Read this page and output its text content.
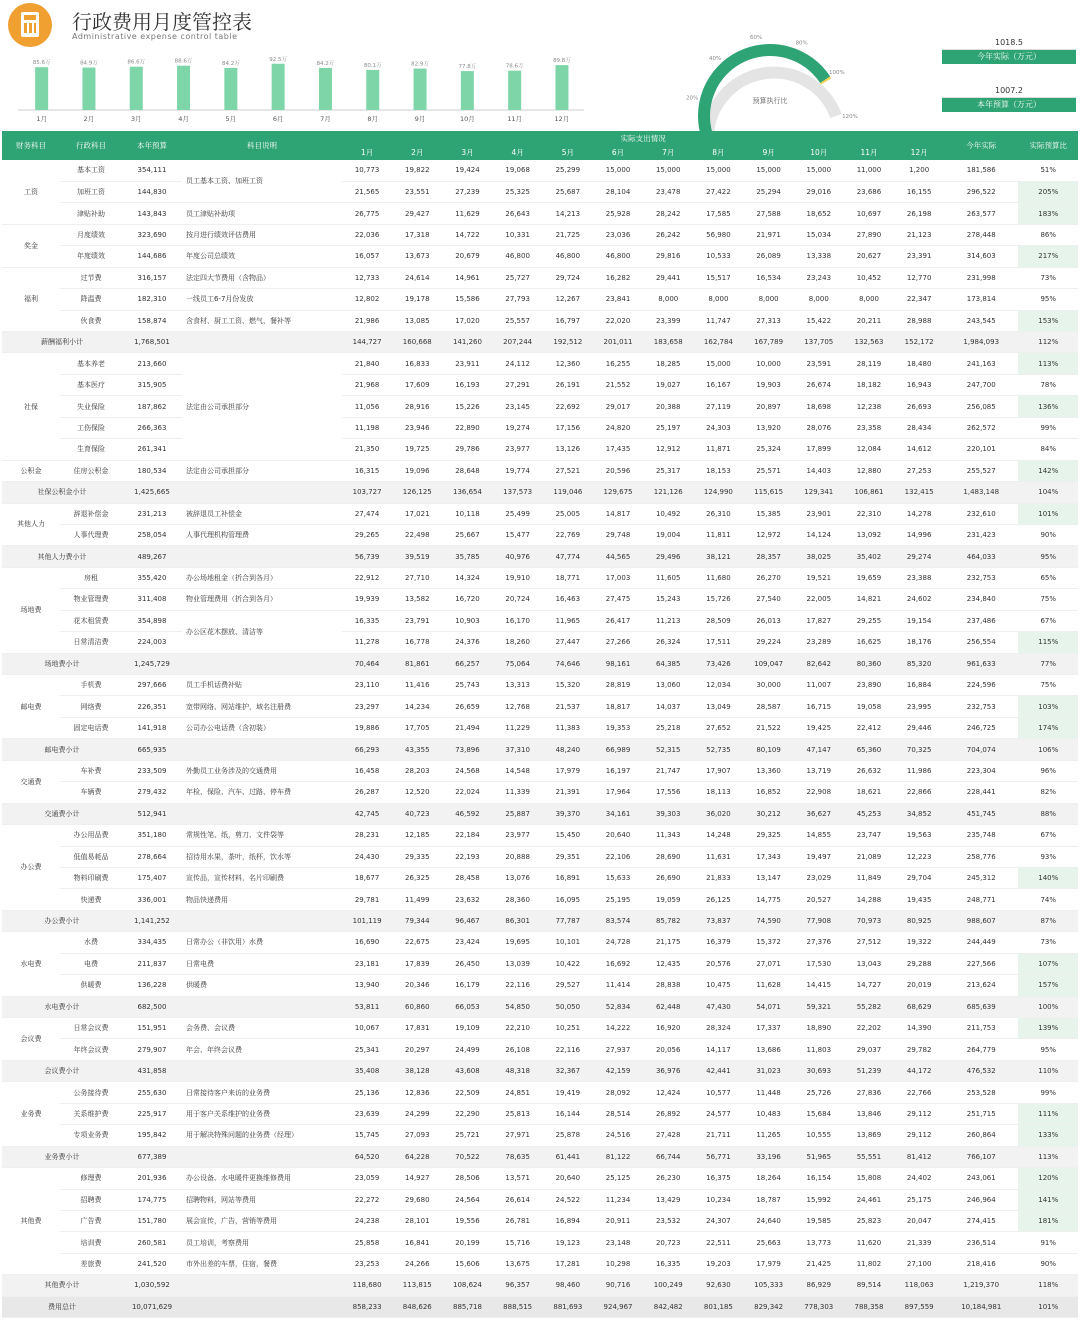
行政费用月度管控表
Administrative expense control table
85.6万
1月
84.9万
2月
86.6万
3月
88.6万
4月
84.2万
5月
92.5万
6月
84.2万
7月
80.1万
8月
82.9万
9月
77.8万
10月
78.6万
11月
89.8万
12月
20%
40%
60%
80%
100%
120%
预算执行比
1018.5
今年实际（万元）
1007.2
本年预算（万元）
财务科目	行政科目	本年预算	科目说明	实际支出情况												今年实际	实际预算比
				1月	2月	3月	4月	5月	6月	7月	8月	9月	10月	11月	12月		
工资	基本工资	354,111	员工基本工资、加班工资	10,773	19,822	19,424	19,068	25,299	15,000	15,000	15,000	15,000	15,000	11,000	1,200	181,586	51%
	加班工资	144,830		21,565	23,551	27,239	25,325	25,687	28,104	23,478	27,422	25,294	29,016	23,686	16,155	296,522	205%
	津贴补助	143,843	员工津贴补助项	26,775	29,427	11,629	26,643	14,213	25,928	28,242	17,585	27,588	18,652	10,697	26,198	263,577	183%
奖金	月度绩效	323,690	按月进行绩效评估费用	22,036	17,318	14,722	10,331	21,725	23,036	26,242	56,980	21,971	15,034	27,890	21,123	278,448	86%
	年度绩效	144,686	年度公司总绩效	16,057	13,673	20,679	46,800	46,800	46,800	29,816	10,533	26,089	13,338	20,627	23,391	314,603	217%
福利	过节费	316,157	法定四大节费用（含物品）	12,733	24,614	14,961	25,727	29,724	16,282	29,441	15,517	16,534	23,243	10,452	12,770	231,998	73%
	降温费	182,310	一线员工6-7月份发放	12,802	19,178	15,586	27,793	12,267	23,841	8,000	8,000	8,000	8,000	8,000	22,347	173,814	95%
	伙食费	158,874	含食材、厨工工资、燃气、餐补等	21,986	13,085	17,020	25,557	16,797	22,020	23,399	11,747	27,313	15,422	20,211	28,988	243,545	153%
薪酬福利小计		1,768,501		144,727	160,668	141,260	207,244	192,512	201,011	183,658	162,784	167,789	137,705	132,563	152,172	1,984,093	112%
社保	基本养老	213,660	法定由公司承担部分	21,840	16,833	23,911	24,112	12,360	16,255	18,285	15,000	10,000	23,591	28,119	18,480	241,163	113%
	基本医疗	315,905		21,968	17,609	16,193	27,291	26,191	21,552	19,027	16,167	19,903	26,674	18,182	16,943	247,700	78%
	失业保险	187,862		11,056	28,916	15,226	23,145	22,692	29,017	20,388	27,119	20,897	18,698	12,238	26,693	256,085	136%
	工伤保险	266,363		11,198	23,946	22,890	19,274	17,156	24,820	25,197	24,303	13,920	28,076	23,358	28,434	262,572	99%
	生育保险	261,341		21,350	19,725	29,786	23,977	13,126	17,435	12,912	11,871	25,324	17,899	12,084	14,612	220,101	84%
公积金	住房公积金	180,534	法定由公司承担部分	16,315	19,096	28,648	19,774	27,521	20,596	25,317	18,153	25,571	14,403	12,880	27,253	255,527	142%
社保公积金小计		1,425,665		103,727	126,125	136,654	137,573	119,046	129,675	121,126	124,990	115,615	129,341	106,861	132,415	1,483,148	104%
其他人力	辞退补偿金	231,213	被辞退员工补偿金	27,474	17,021	10,118	25,499	25,005	14,817	10,492	26,310	15,385	23,901	22,310	14,278	232,610	101%
	人事代理费	258,054	人事代理机构管理费	29,265	22,498	25,667	15,477	22,769	29,748	19,004	11,811	12,972	14,124	13,092	14,996	231,423	90%
其他人力费小计		489,267		56,739	39,519	35,785	40,976	47,774	44,565	29,496	38,121	28,357	38,025	35,402	29,274	464,033	95%
场地费	房租	355,420	办公场地租金（折合到各月）	22,912	27,710	14,324	19,910	18,771	17,003	11,605	11,680	26,270	19,521	19,659	23,388	232,753	65%
	物业管理费	311,408	物业管理费用（折合到各月）	19,939	13,582	16,720	20,724	16,463	27,475	15,243	15,726	27,540	22,005	14,821	24,602	234,840	75%
	花木租赁费	354,898	办公区花木摆放、清洁等	16,335	23,791	10,903	16,170	11,965	26,417	11,213	28,509	26,013	17,827	29,255	19,154	237,486	67%
	日常清洁费	224,003		11,278	16,778	24,376	18,260	27,447	27,266	26,324	17,511	29,224	23,289	16,625	18,176	256,554	115%
场地费小计		1,245,729		70,464	81,861	66,257	75,064	74,646	98,161	64,385	73,426	109,047	82,642	80,360	85,320	961,633	77%
邮电费	手机费	297,666	员工手机话费补贴	23,110	11,416	25,743	13,313	15,320	28,819	13,060	12,034	30,000	11,007	23,890	16,884	224,596	75%
	网络费	226,351	宽带网络、网站维护，域名注册费	23,297	14,234	26,659	12,768	21,537	18,817	14,037	13,049	28,587	16,715	19,058	23,995	232,753	103%
	固定电话费	141,918	公司办公电话费（含初装）	19,886	17,705	21,494	11,229	11,383	19,353	25,218	27,652	21,522	19,425	22,412	29,446	246,725	174%
邮电费小计		665,935		66,293	43,355	73,896	37,310	48,240	66,989	52,315	52,735	80,109	47,147	65,360	70,325	704,074	106%
交通费	车补费	233,509	外勤员工业务涉及的交通费用	16,458	28,203	24,568	14,548	17,979	16,197	21,747	17,907	13,360	13,719	26,632	11,986	223,304	96%
	车辆费	279,432	年检、保险、汽车、过路、停车费	26,287	12,520	22,024	11,339	21,391	17,964	17,556	18,113	16,852	22,908	18,621	22,866	228,441	82%
交通费小计		512,941		42,745	40,723	46,592	25,887	39,370	34,161	39,303	36,020	30,212	36,627	45,253	34,852	451,745	88%
办公费	办公用品费	351,180	常规性笔、纸，剪刀、文件袋等	28,231	12,185	22,184	23,977	15,450	20,640	11,343	14,248	29,325	14,855	23,747	19,563	235,748	67%
	低值易耗品	278,664	招待用水果，茶叶，纸杯，饮水等	24,430	29,335	22,193	20,888	29,351	22,106	28,690	11,631	17,343	19,497	21,089	12,223	258,776	93%
	物料印刷费	175,407	宣传品，宣传材料，名片印刷费	18,677	26,325	28,458	13,076	16,891	15,633	26,690	21,833	13,147	23,029	11,849	29,704	245,312	140%
	快递费	336,001	物品快递费用	29,781	11,499	23,632	28,360	16,095	25,195	19,059	26,125	14,775	20,527	14,288	19,435	248,771	74%
办公费小计		1,141,252		101,119	79,344	96,467	86,301	77,787	83,574	85,782	73,837	74,590	77,908	70,973	80,925	988,607	87%
水电费	水费	334,435	日常办公（非饮用）水费	16,690	22,675	23,424	19,695	10,101	24,728	21,175	16,379	15,372	27,376	27,512	19,322	244,449	73%
	电费	211,837	日常电费	23,181	17,839	26,450	13,039	10,422	16,692	12,435	20,576	27,071	17,530	13,043	29,288	227,566	107%
	供暖费	136,228	供暖费	13,940	20,346	16,179	22,116	29,527	11,414	28,838	10,475	11,628	14,415	14,727	20,019	213,624	157%
水电费小计		682,500		53,811	60,860	66,053	54,850	50,050	52,834	62,448	47,430	54,071	59,321	55,282	68,629	685,639	100%
会议费	日常会议费	151,951	会务费、会议费	10,067	17,831	19,109	22,210	10,251	14,222	16,920	28,324	17,337	18,890	22,202	14,390	211,753	139%
	年终会议费	279,907	年会、年终会议费	25,341	20,297	24,499	26,108	22,116	27,937	20,056	14,117	13,686	11,803	29,037	29,782	264,779	95%
会议费小计		431,858		35,408	38,128	43,608	48,318	32,367	42,159	36,976	42,441	31,023	30,693	51,239	44,172	476,532	110%
业务费	公务接待费	255,630	日常接待客户来访的业务费	25,136	12,836	22,509	24,851	19,419	28,092	12,424	10,577	11,448	25,726	27,836	22,766	253,528	99%
	关系维护费	225,917	用于客户关系维护的业务费	23,639	24,299	22,290	25,813	16,144	28,514	26,892	24,577	10,483	15,684	13,846	29,112	251,715	111%
	专项业务费	195,842	用于解决特殊问题的业务费（经理）	15,745	27,093	25,721	27,971	25,878	24,516	27,428	21,711	11,265	10,555	13,869	29,112	260,864	133%
业务费小计		677,389		64,520	64,228	70,522	78,635	61,441	81,122	66,744	56,771	33,196	51,965	55,551	81,412	766,107	113%
其他费	修理费	201,936	办公设备、水电暖件更换维修费用	23,059	14,927	28,506	13,571	20,640	25,125	26,230	16,375	18,264	16,154	15,808	24,402	243,061	120%
	招聘费	174,775	招聘物料，网站等费用	22,272	29,680	24,564	26,614	24,522	11,234	13,429	10,234	18,787	15,992	24,461	25,175	246,964	141%
	广告费	151,780	展会宣传，广告，营销等费用	24,238	28,101	19,556	26,781	16,894	20,911	23,532	24,307	24,640	19,585	25,823	20,047	274,415	181%
	培训费	260,581	员工培训，考察费用	25,858	16,841	20,199	15,716	19,123	23,148	20,723	22,511	25,663	13,773	11,620	21,339	236,514	91%
	差旅费	241,520	市外出差的车票，住宿，餐费	23,253	24,266	15,606	13,675	17,281	10,298	16,335	19,203	17,979	21,425	11,802	27,100	218,416	90%
其他费小计		1,030,592		118,680	113,815	108,624	96,357	98,460	90,716	100,249	92,630	105,333	86,929	89,514	118,063	1,219,370	118%
费用总计		10,071,629		858,233	848,626	885,718	888,515	881,693	924,967	842,482	801,185	829,342	778,303	788,358	897,559	10,184,981	101%
